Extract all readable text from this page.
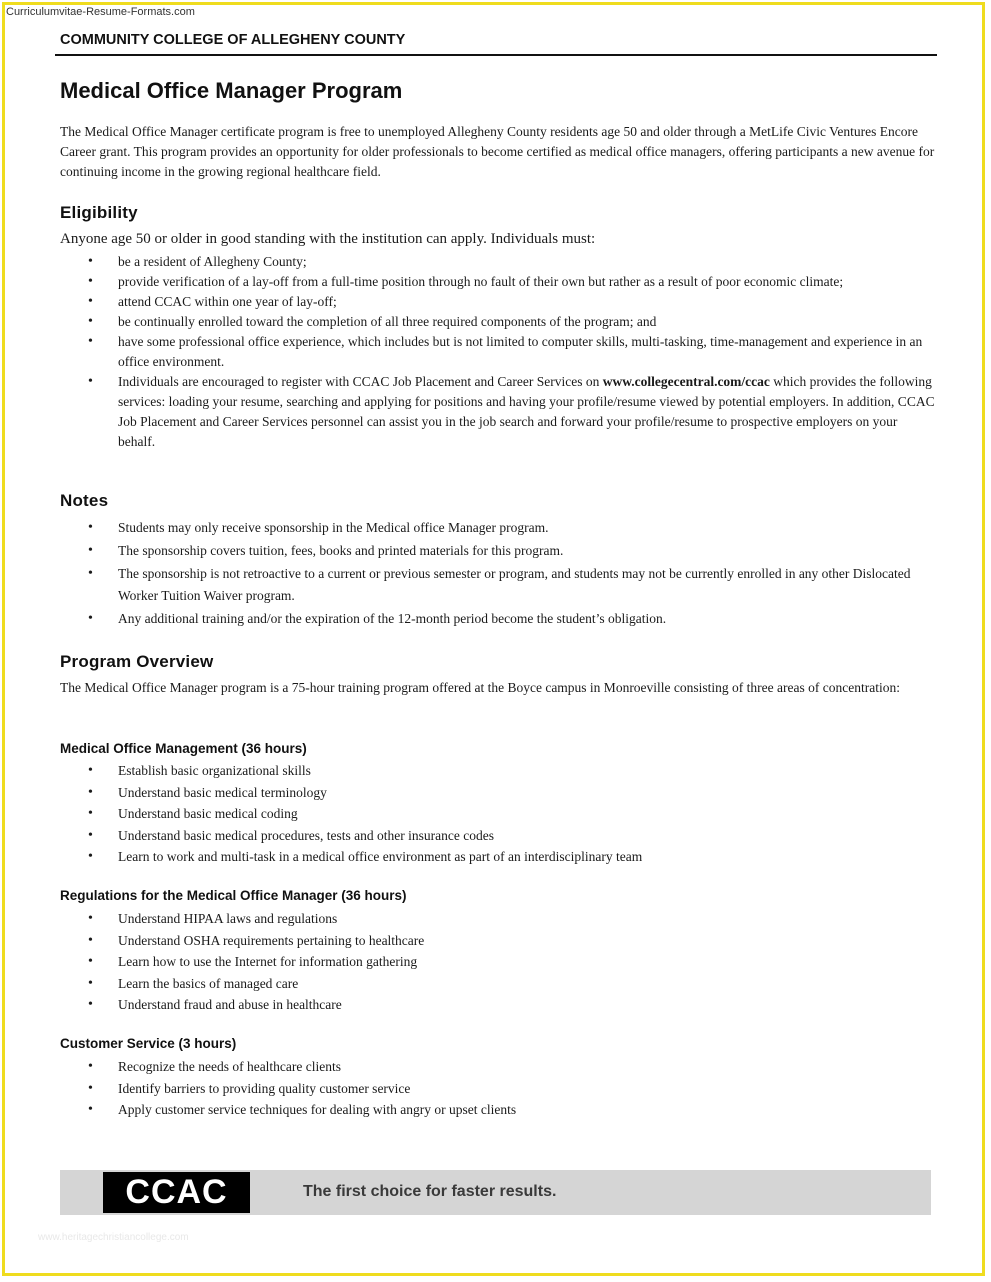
Curriculumvitae-Resume-Formats.com
COMMUNITY COLLEGE OF ALLEGHENY COUNTY
Medical Office Manager Program

The Medical Office Manager certificate program is free to unemployed Allegheny County residents age 50 and older through a MetLife Civic Ventures Encore Career grant. This program provides an opportunity for older professionals to become certified as medical office managers, offering participants a new avenue for continuing income in the growing regional healthcare field.

Eligibility

Anyone age 50 or older in good standing with the institution can apply. Individuals must:

• be a resident of Allegheny County;
• provide verification of a lay-off from a full-time position through no fault of their own but rather as a result of poor economic climate;
• attend CCAC within one year of lay-off;
• be continually enrolled toward the completion of all three required components of the program; and
• have some professional office experience, which includes but is not limited to computer skills, multi-tasking, time-management and experience in an office environment.
• Individuals are encouraged to register with CCAC Job Placement and Career Services on www.collegecentral.com/ccac which provides the following services: loading your resume, searching and applying for positions and having your profile/resume viewed by potential employers. In addition, CCAC Job Placement and Career Services personnel can assist you in the job search and forward your profile/resume to prospective employers on your behalf.
Notes
• Students may only receive sponsorship in the Medical office Manager program.
• The sponsorship covers tuition, fees, books and printed materials for this program.
• The sponsorship is not retroactive to a current or previous semester or program, and students may not be currently enrolled in any other Dislocated Worker Tuition Waiver program.
• Any additional training and/or the expiration of the 12-month period become the student’s obligation.
Program Overview

The Medical Office Manager program is a 75-hour training program offered at the Boyce campus in Monroeville consisting of three areas of concentration:

Medical Office Management (36 hours)
• Establish basic organizational skills
• Understand basic medical terminology
• Understand basic medical coding
• Understand basic medical procedures, tests and other insurance codes
• Learn to work and multi-task in a medical office environment as part of an interdisciplinary team
Regulations for the Medical Office Manager (36 hours)
• Understand HIPAA laws and regulations
• Understand OSHA requirements pertaining to healthcare
• Learn how to use the Internet for information gathering
• Learn the basics of managed care
• Understand fraud and abuse in healthcare
Customer Service (3 hours)
• Recognize the needs of healthcare clients
• Identify barriers to providing quality customer service
• Apply customer service techniques for dealing with angry or upset clients
CCAC	The first choice for faster results.
www.heritagechristiancollege.com
